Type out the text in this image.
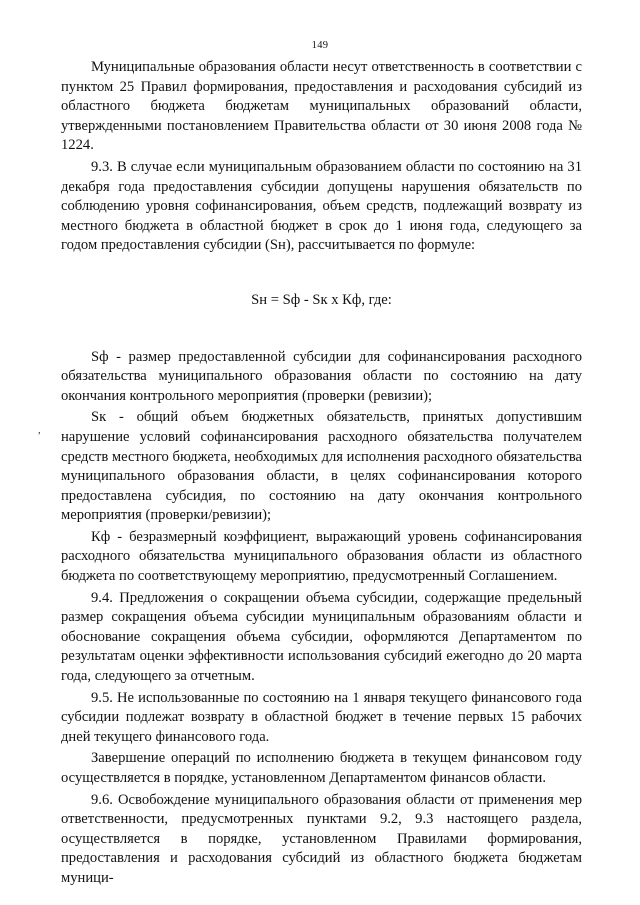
149
,

Муниципальные образования области несут ответственность в соответствии с пунктом 25 Правил формирования, предоставления и расходования субсидий из областного бюджета бюджетам муниципальных образований области, утвержденными постановлением Правительства области от 30 июня 2008 года № 1224.

9.3. В случае если муниципальным образованием области по состоянию на 31 декабря года предоставления субсидии допущены нарушения обязательств по соблюдению уровня софинансирования, объем средств, подлежащий возврату из местного бюджета в областной бюджет в срок до 1 июня года, следующего за годом предоставления субсидии (Sн), рассчитывается по формуле:

Sн = Sф - Sк х Кф, где:

Sф - размер предоставленной субсидии для софинансирования расходного обязательства муниципального образования области по состоянию на дату окончания контрольного мероприятия (проверки (ревизии);

Sк - общий объем бюджетных обязательств, принятых допустившим нарушение условий софинансирования расходного обязательства получателем средств местного бюджета, необходимых для исполнения расходного обязательства муниципального образования области, в целях софинансирования которого предоставлена субсидия, по состоянию на дату окончания контрольного мероприятия (проверки/ревизии);

Кф - безразмерный коэффициент, выражающий уровень софинансирования расходного обязательства муниципального образования области из областного бюджета по соответствующему мероприятию, предусмотренный Соглашением.

9.4. Предложения о сокращении объема субсидии, содержащие предельный размер сокращения объема субсидии муниципальным образованиям области и обоснование сокращения объема субсидии, оформляются Департаментом по результатам оценки эффективности использования субсидий ежегодно до 20 марта года, следующего за отчетным.

9.5. Не использованные по состоянию на 1 января текущего финансового года субсидии подлежат возврату в областной бюджет в течение первых 15 рабочих дней текущего финансового года.

Завершение операций по исполнению бюджета в текущем финансовом году осуществляется в порядке, установленном Департаментом финансов области.

9.6. Освобождение муниципального образования области от применения мер ответственности, предусмотренных пунктами 9.2, 9.3 настоящего раздела, осуществляется в порядке, установленном Правилами формирования, предоставления и расходования субсидий из областного бюджета бюджетам муници-
